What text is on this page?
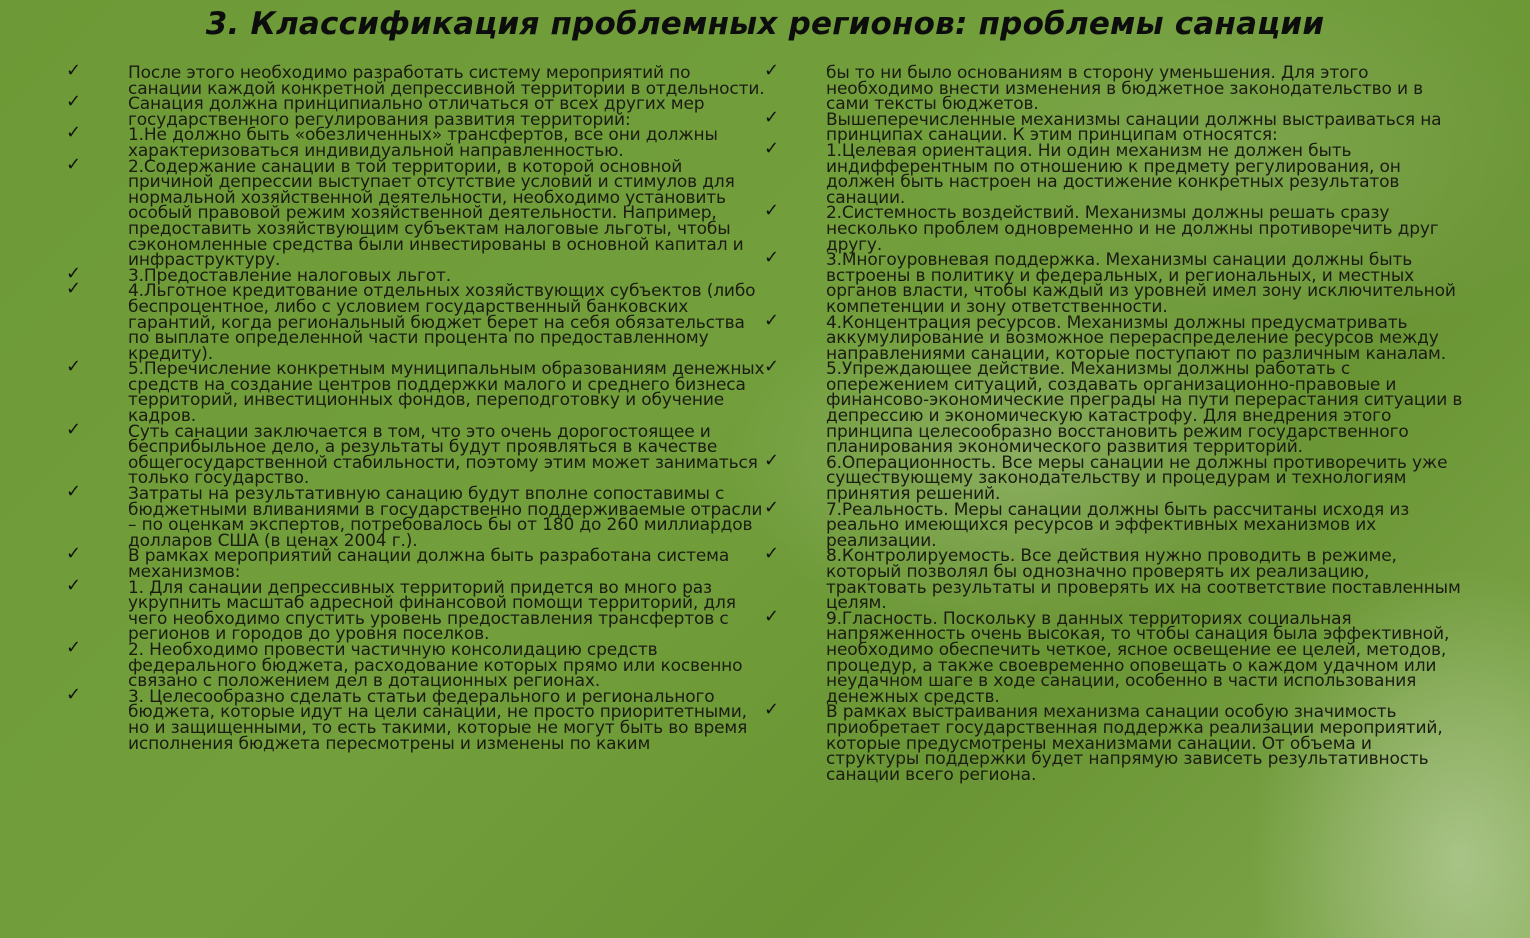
3. Классификация проблемных регионов: проблемы санации
✓	После этого необходимо разработать систему мероприятий по санации каждой конкретной депрессивной территории в отдельности.
✓	Санация должна принципиально отличаться от всех других мер государственного регулирования развития территорий:
✓	1.Не должно быть «обезличенных» трансфертов, все они должны характеризоваться индивидуальной направленностью.
✓	2.Содержание санации в той территории, в которой основной причиной депрессии выступает отсутствие условий и стимулов для нормальной хозяйственной деятельности, необходимо установить особый правовой режим хозяйственной деятельности. Например, предоставить хозяйствующим субъектам налоговые льготы, чтобы сэкономленные средства были инвестированы в основной капитал и инфраструктуру.
✓	3.Предоставление налоговых льгот.
✓	4.Льготное кредитование отдельных хозяйствующих субъектов (либо беспроцентное, либо с условием государственный банковских гарантий, когда региональный бюджет берет на себя обязательства по выплате определенной части процента по предоставленному кредиту).
✓	5.Перечисление конкретным муниципальным образованиям денежных средств на создание центров поддержки малого и среднего бизнеса территорий, инвестиционных фондов, переподготовку и обучение кадров.
✓	Суть санации заключается в том, что это очень дорогостоящее и бесприбыльное дело, а результаты будут проявляться в качестве общегосударственной стабильности, поэтому этим может заниматься только государство.
✓	Затраты на результативную санацию будут вполне сопоставимы с бюджетными вливаниями в государственно поддерживаемые отрасли – по оценкам экспертов, потребовалось бы от 180 до 260 миллиардов долларов США (в ценах 2004 г.).
✓	В рамках мероприятий санации должна быть разработана система механизмов:
✓	1. Для санации депрессивных территорий придется во много раз укрупнить масштаб адресной финансовой помощи территорий, для чего необходимо спустить уровень предоставления трансфертов с регионов и городов до уровня поселков.
✓	2. Необходимо провести частичную консолидацию средств федерального бюджета, расходование которых прямо или косвенно связано с положением дел в дотационных регионах.
✓	3. Целесообразно сделать статьи федерального и регионального бюджета, которые идут на цели санации, не просто приоритетными, но и защищенными, то есть такими, которые не могут быть во время исполнения бюджета пересмотрены и изменены по каким
✓	бы то ни было основаниям в сторону уменьшения. Для этого необходимо внести изменения в бюджетное законодательство и в сами тексты бюджетов.
✓	Вышеперечисленные механизмы санации должны выстраиваться на принципах санации. К этим принципам относятся:
✓	1.Целевая ориентация. Ни один механизм не должен быть индифферентным по отношению к предмету регулирования, он должен быть настроен на достижение конкретных результатов санации.
✓	2.Системность воздействий. Механизмы должны решать сразу несколько проблем одновременно и не должны противоречить друг другу.
✓	3.Многоуровневая поддержка. Механизмы санации должны быть встроены в политику и федеральных, и региональных, и местных органов власти, чтобы каждый из уровней имел зону исключительной компетенции и зону ответственности.
✓	4.Концентрация ресурсов. Механизмы должны предусматривать аккумулирование и возможное перераспределение ресурсов между направлениями санации, которые поступают по различным каналам.
✓	5.Упреждающее действие. Механизмы должны работать с опережением ситуаций, создавать организационно-правовые и финансово-экономические преграды на пути перерастания ситуации в депрессию и экономическую катастрофу. Для внедрения этого принципа целесообразно восстановить режим государственного планирования экономического развития территорий.
✓	6.Операционность. Все меры санации не должны противоречить уже существующему законодательству и процедурам и технологиям принятия решений.
✓	7.Реальность. Меры санации должны быть рассчитаны исходя из реально имеющихся ресурсов и эффективных механизмов их реализации.
✓	8.Контролируемость. Все действия нужно проводить в режиме, который позволял бы однозначно проверять их реализацию, трактовать результаты и проверять их на соответствие поставленным целям.
✓	9.Гласность. Поскольку в данных территориях социальная напряженность очень высокая, то чтобы санация была эффективной, необходимо обеспечить четкое, ясное освещение ее целей, методов, процедур, а также своевременно оповещать о каждом удачном или неудачном шаге в ходе санации, особенно в части использования денежных средств.
✓	В рамках выстраивания механизма санации особую значимость приобретает государственная поддержка реализации мероприятий, которые предусмотрены механизмами санации. От объема и структуры поддержки будет напрямую зависеть результативность санации всего региона.
